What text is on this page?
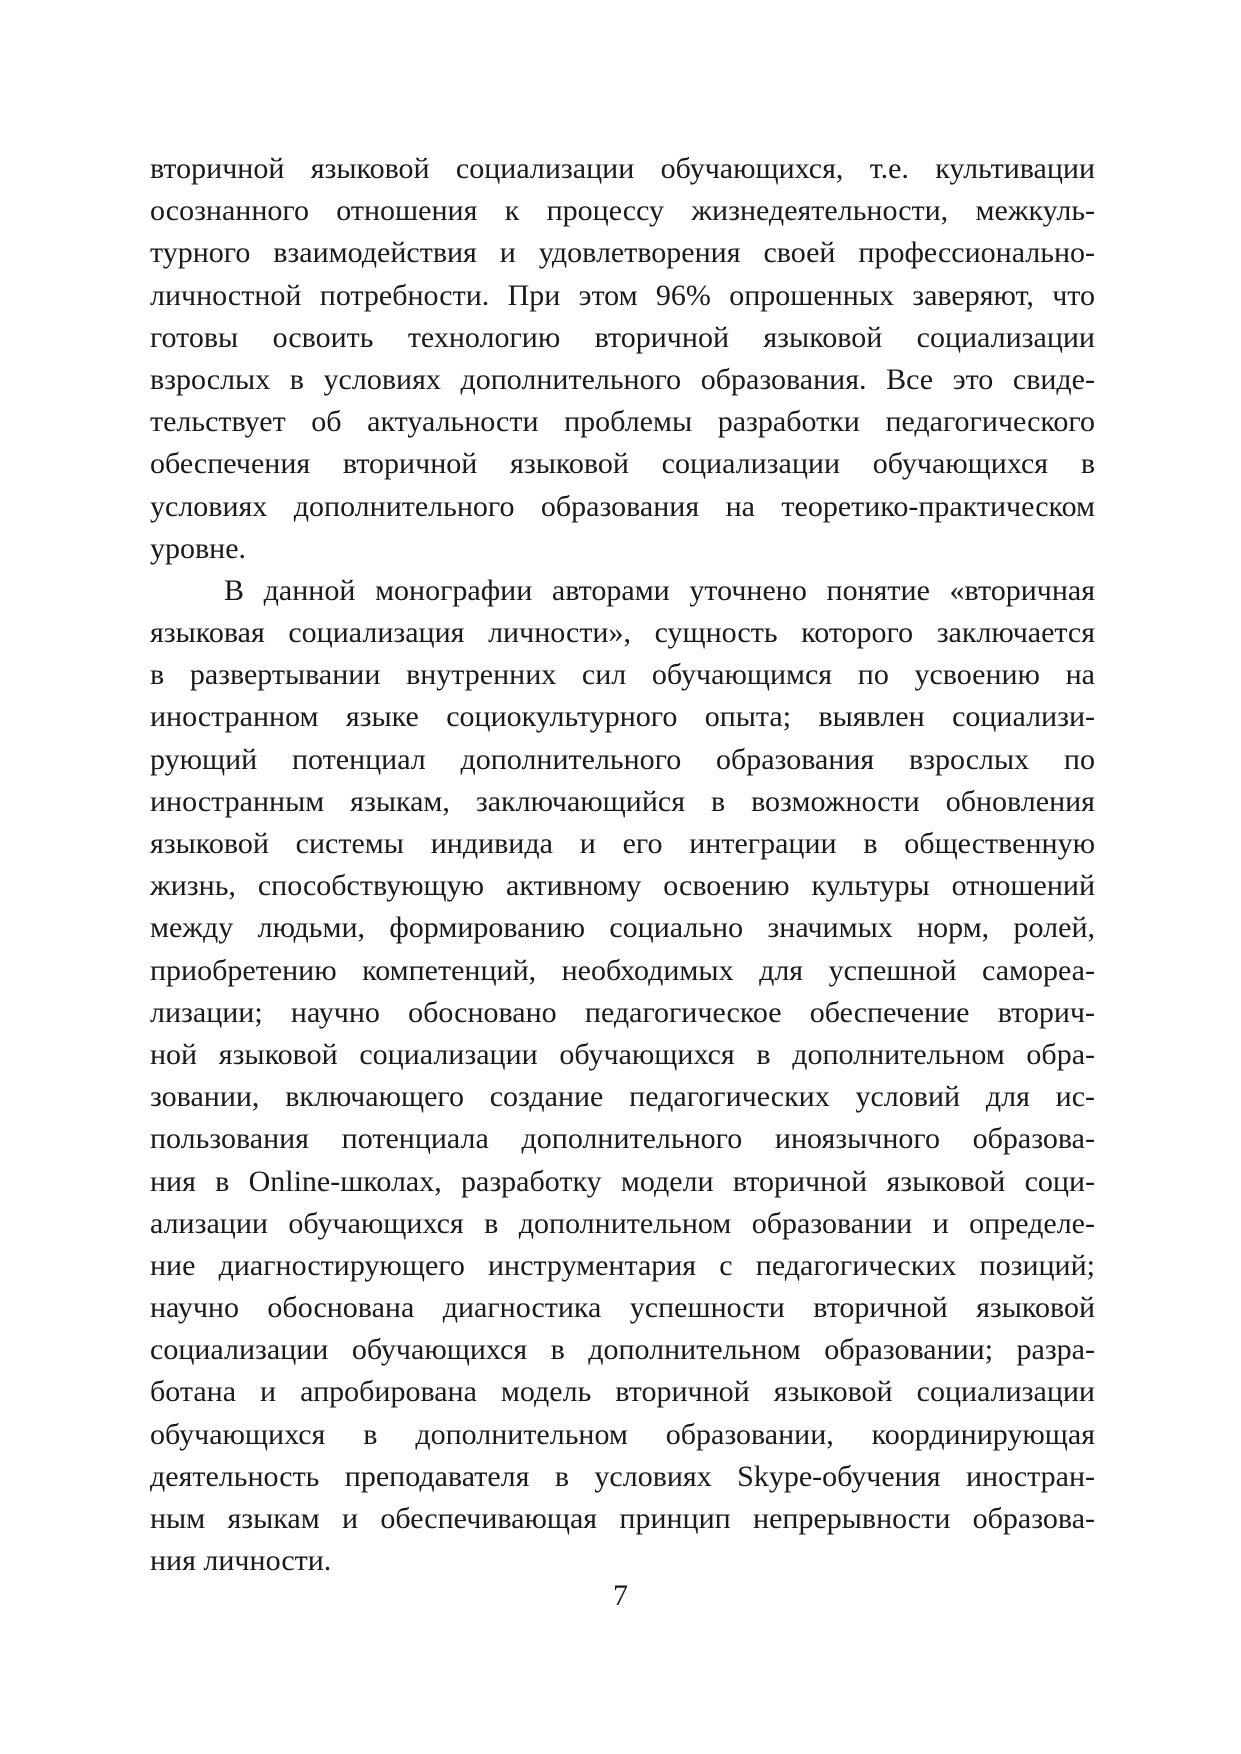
вторичной языковой социализации обучающихся, т.е. культивации
осознанного отношения к процессу жизнедеятельности, межкуль-
турного взаимодействия и удовлетворения своей профессионально-
личностной потребности. При этом 96% опрошенных заверяют, что
готовы освоить технологию вторичной языковой социализации
взрослых в условиях дополнительного образования. Все это свиде-
тельствует об актуальности проблемы разработки педагогического
обеспечения вторичной языковой социализации обучающихся в
условиях дополнительного образования на теоретико-практическом
уровне.
В данной монографии авторами уточнено понятие «вторичная
языковая социализация личности», сущность которого заключается
в развертывании внутренних сил обучающимся по усвоению на
иностранном языке социокультурного опыта; выявлен социализи-
рующий потенциал дополнительного образования взрослых по
иностранным языкам, заключающийся в возможности обновления
языковой системы индивида и его интеграции в общественную
жизнь, способствующую активному освоению культуры отношений
между людьми, формированию социально значимых норм, ролей,
приобретению компетенций, необходимых для успешной самореа-
лизации; научно обосновано педагогическое обеспечение вторич-
ной языковой социализации обучающихся в дополнительном обра-
зовании, включающего создание педагогических условий для ис-
пользования потенциала дополнительного иноязычного образова-
ния в Online-школах, разработку модели вторичной языковой соци-
ализации обучающихся в дополнительном образовании и определе-
ние диагностирующего инструментария с педагогических позиций;
научно обоснована диагностика успешности вторичной языковой
социализации обучающихся в дополнительном образовании; разра-
ботана и апробирована модель вторичной языковой социализации
обучающихся в дополнительном образовании, координирующая
деятельность преподавателя в условиях Skype-обучения иностран-
ным языкам и обеспечивающая принцип непрерывности образова-
ния личности.
7
